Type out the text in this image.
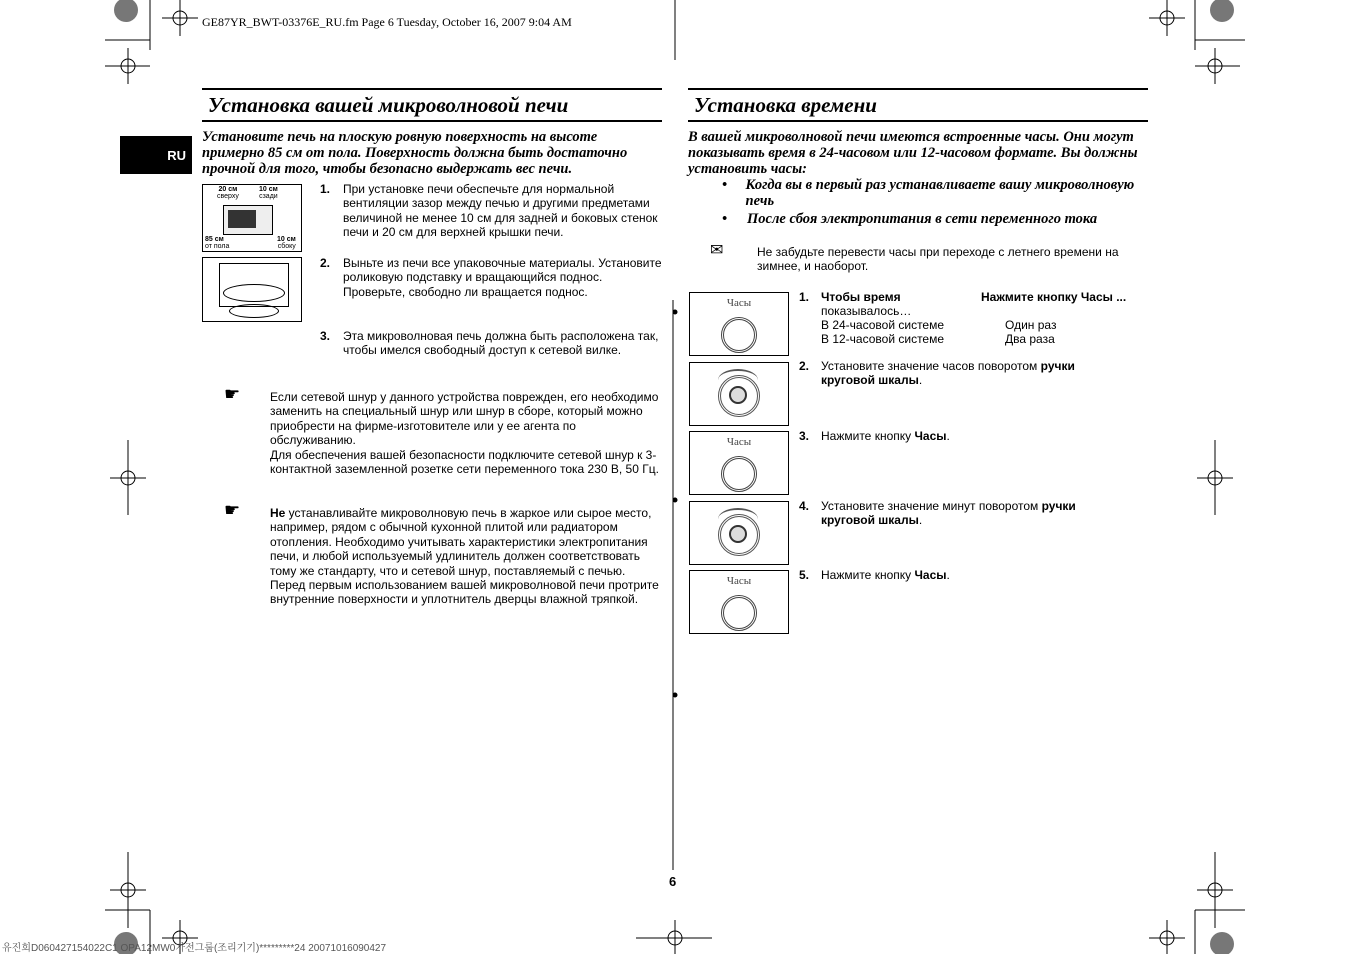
GE87YR_BWT-03376E_RU.fm Page 6 Tuesday, October 16, 2007 9:04 AM
RU
Установка вашей микроволновой печи
Установите печь на плоскую ровную поверхность на высоте примерно 85 см от пола. Поверхность должна быть достаточно прочной для того, чтобы безопасно выдержать вес печи.
20 см
сверху
10 см
сзади
85 см
от пола
10 см
сбоку
1. При установке печи обеспечьте для нормальной вентиляции зазор между печью и другими предметами величиной не менее 10 см для задней и боковых стенок печи и 20 см для верхней крышки печи.
2. Выньте из печи все упаковочные материалы. Установите роликовую подставку и вращающийся поднос. Проверьте, свободно ли вращается поднос.
3. Эта микроволновая печь должна быть расположена так, чтобы имелся свободный доступ к сетевой вилке.
☛ Если сетевой шнур у данного устройства поврежден, его необходимо заменить на специальный шнур или шнур в сборе, который можно приобрести на фирме-изготовителе или у ее агента по обслуживанию.
Для обеспечения вашей безопасности подключите сетевой шнур к 3-контактной заземленной розетке сети переменного тока 230 В, 50 Гц.
☛ Не устанавливайте микроволновую печь в жаркое или сырое место, например, рядом с обычной кухонной плитой или радиатором отопления. Необходимо учитывать характеристики электропитания печи, и любой используемый удлинитель должен соответствовать тому же стандарту, что и сетевой шнур, поставляемый с печью. Перед первым использованием вашей микроволновой печи протрите внутренние поверхности и уплотнитель дверцы влажной тряпкой.
Установка времени
В вашей микроволновой печи имеются встроенные часы. Они могут показывать время в 24-часовом или 12-часовом формате. Вы должны установить часы:
•	Когда вы в первый раз устанавливаете вашу микроволновую печь
•	После сбоя электропитания в сети переменного тока
✉	Не забудьте перевести часы при переходе с летнего времени на зимнее, и наоборот.
Часы
Часы
Часы
1. Чтобы время	Нажмите кнопку Часы ...
показывалось…
В 24-часовой системе	Один раз
В 12-часовой системе	Два раза
2. Установите значение часов поворотом ручки круговой шкалы.
3. Нажмите кнопку Часы.
4. Установите значение минут поворотом ручки круговой шкалы.
5. Нажмите кнопку Часы.
6
유진희D060427154022C1 OPA12MW0가전그룹(조리기기)*********24 20071016090427
